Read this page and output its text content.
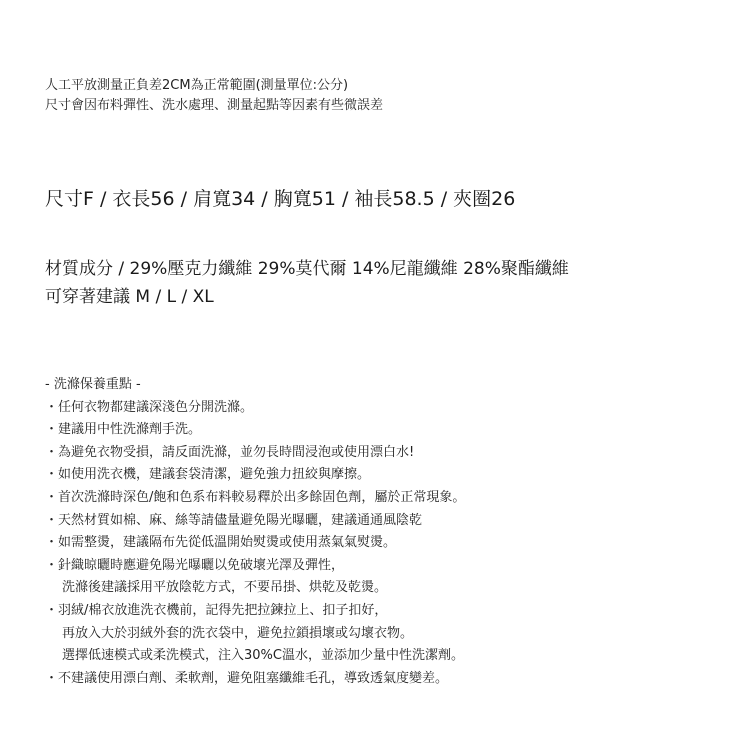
人工平放測量正負差2CM為正常範圍(測量單位:公分)

尺寸會因布料彈性、洗水處理、測量起點等因素有些微誤差

尺寸F / 衣長56 / 肩寬34 / 胸寬51 / 袖長58.5 / 夾圈26

材質成分 / 29%壓克力纖維 29%莫代爾 14%尼龍纖維 28%聚酯纖維

可穿著建議 M / L / XL

- 洗滌保養重點 -

・任何衣物都建議深淺色分開洗滌。
・建議用中性洗滌劑手洗。
・為避免衣物受損，請反面洗滌，並勿長時間浸泡或使用漂白水!
・如使用洗衣機，建議套袋清潔，避免強力扭絞與摩擦。
・首次洗滌時深色/飽和色系布料較易釋於出多餘固色劑，屬於正常現象。
・天然材質如棉、麻、絲等請儘量避免陽光曝曬，建議通通風陰乾
・如需整燙，建議隔布先從低溫開始熨燙或使用蒸氣氣熨燙。
・針織晾曬時應避免陽光曝曬以免破壞光澤及彈性，
洗滌後建議採用平放陰乾方式，不要吊掛、烘乾及乾燙。
・羽絨/棉衣放進洗衣機前，記得先把拉鍊拉上、扣子扣好，
再放入大於羽絨外套的洗衣袋中，避免拉鎖損壞或勾壞衣物。
選擇低速模式或柔洗模式，注入30%C溫水，並添加少量中性洗潔劑。
・不建議使用漂白劑、柔軟劑，避免阻塞纖維毛孔，導致透氣度變差。
